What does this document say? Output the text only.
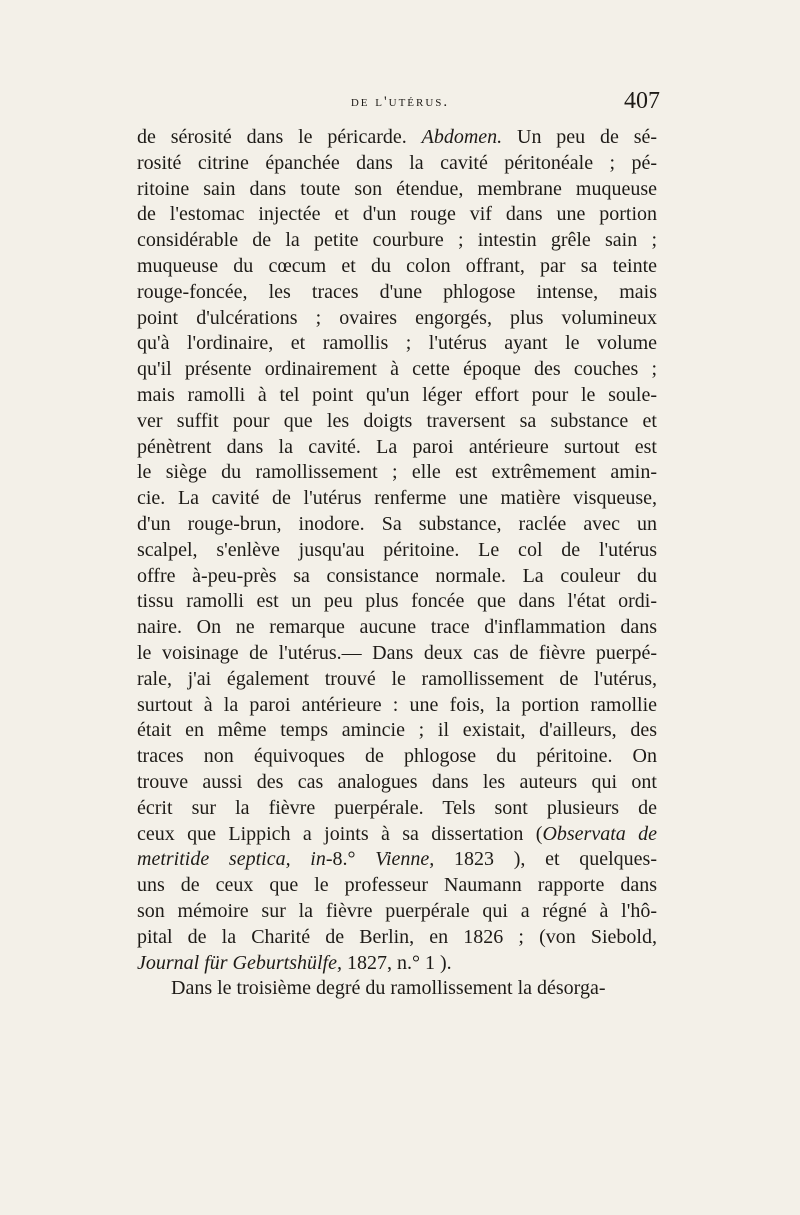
de l'utérus.	407
de sérosité dans le péricarde. Abdomen. Un peu de sé-
rosité citrine épanchée dans la cavité péritonéale ; pé-
ritoine sain dans toute son étendue, membrane muqueuse
de l'estomac injectée et d'un rouge vif dans une portion
considérable de la petite courbure ; intestin grêle sain ;
muqueuse du cœcum et du colon offrant, par sa teinte
rouge-foncée, les traces d'une phlogose intense, mais
point d'ulcérations ; ovaires engorgés, plus volumineux
qu'à l'ordinaire, et ramollis ; l'utérus ayant le volume
qu'il présente ordinairement à cette époque des couches ;
mais ramolli à tel point qu'un léger effort pour le soule-
ver suffit pour que les doigts traversent sa substance et
pénètrent dans la cavité. La paroi antérieure surtout est
le siège du ramollissement ; elle est extrêmement amin-
cie. La cavité de l'utérus renferme une matière visqueuse,
d'un rouge-brun, inodore. Sa substance, raclée avec un
scalpel, s'enlève jusqu'au péritoine. Le col de l'utérus
offre à-peu-près sa consistance normale. La couleur du
tissu ramolli est un peu plus foncée que dans l'état ordi-
naire. On ne remarque aucune trace d'inflammation dans
le voisinage de l'utérus.— Dans deux cas de fièvre puerpé-
rale, j'ai également trouvé le ramollissement de l'utérus,
surtout à la paroi antérieure : une fois, la portion ramollie
était en même temps amincie ; il existait, d'ailleurs, des
traces non équivoques de phlogose du péritoine. On
trouve aussi des cas analogues dans les auteurs qui ont
écrit sur la fièvre puerpérale. Tels sont plusieurs de
ceux que Lippich a joints à sa dissertation (Observata de
metritide septica, in-8.° Vienne, 1823 ), et quelques-
uns de ceux que le professeur Naumann rapporte dans
son mémoire sur la fièvre puerpérale qui a régné à l'hô-
pital de la Charité de Berlin, en 1826 ; (von Siebold,
Journal für Geburtshülfe, 1827, n.° 1 ).
Dans le troisième degré du ramollissement la désorga-
